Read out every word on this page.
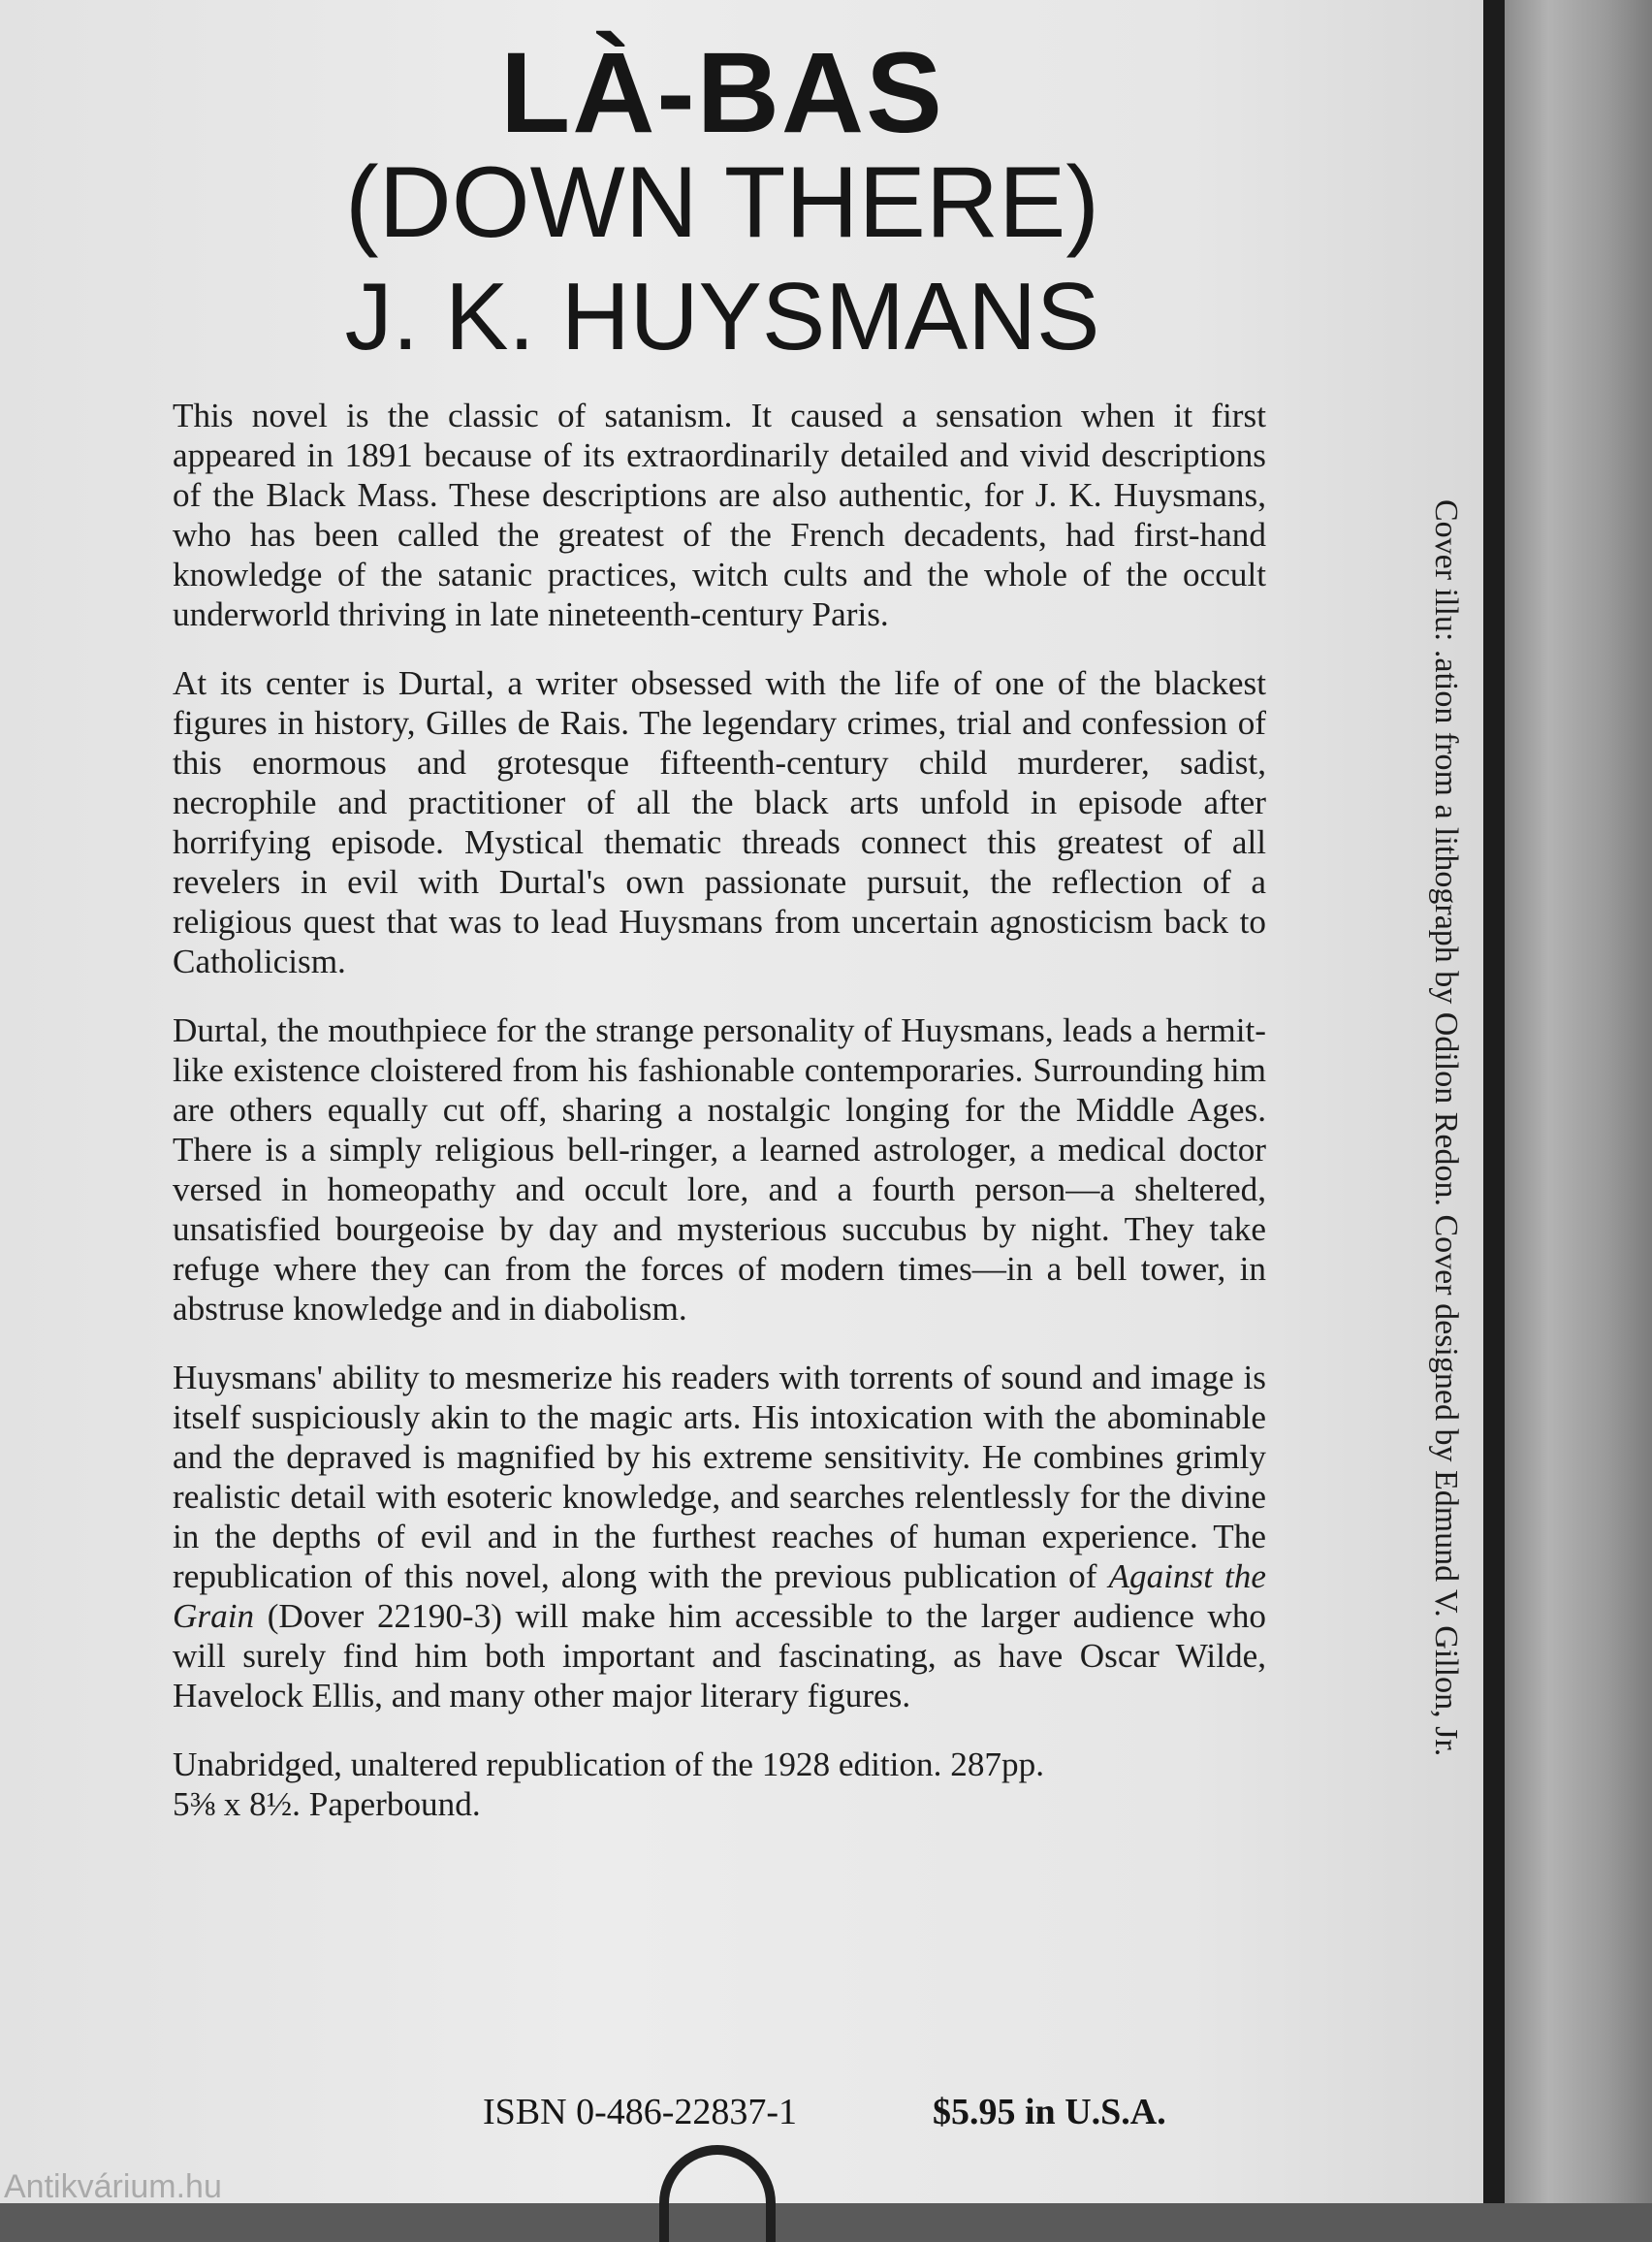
LÀ-BAS
(DOWN THERE)
J. K. HUYSMANS

This novel is the classic of satanism. It caused a sensation when it first appeared in 1891 because of its extraordinarily detailed and vivid descriptions of the Black Mass. These descriptions are also authentic, for J. K. Huysmans, who has been called the greatest of the French decadents, had first-hand knowledge of the satanic practices, witch cults and the whole of the occult underworld thriving in late nineteenth-century Paris.

At its center is Durtal, a writer obsessed with the life of one of the blackest figures in history, Gilles de Rais. The legendary crimes, trial and confession of this enormous and grotesque fifteenth-century child murderer, sadist, necrophile and practitioner of all the black arts unfold in episode after horrifying episode. Mystical thematic threads connect this greatest of all revelers in evil with Durtal's own passionate pursuit, the reflection of a religious quest that was to lead Huysmans from uncertain agnosticism back to Catholicism.

Durtal, the mouthpiece for the strange personality of Huysmans, leads a hermit-like existence cloistered from his fashionable contemporaries. Surrounding him are others equally cut off, sharing a nostalgic longing for the Middle Ages. There is a simply religious bell-ringer, a learned astrologer, a medical doctor versed in homeopathy and occult lore, and a fourth person—a sheltered, unsatisfied bourgeoise by day and mysterious succubus by night. They take refuge where they can from the forces of modern times—in a bell tower, in abstruse knowledge and in diabolism.

Huysmans' ability to mesmerize his readers with torrents of sound and image is itself suspiciously akin to the magic arts. His intoxication with the abominable and the depraved is magnified by his extreme sensitivity. He combines grimly realistic detail with esoteric knowledge, and searches relentlessly for the divine in the depths of evil and in the furthest reaches of human experience. The republication of this novel, along with the previous publication of Against the Grain (Dover 22190-3) will make him accessible to the larger audience who will surely find him both important and fascinating, as have Oscar Wilde, Havelock Ellis, and many other major literary figures.

Unabridged, unaltered republication of the 1928 edition. 287pp.
5⅜ x 8½. Paperbound.

ISBN 0-486-22837-1	$5.95 in U.S.A.
Antikvárium.hu
Cover illu: .ation from a lithograph by Odilon Redon. Cover designed by Edmund V. Gillon, Jr.
